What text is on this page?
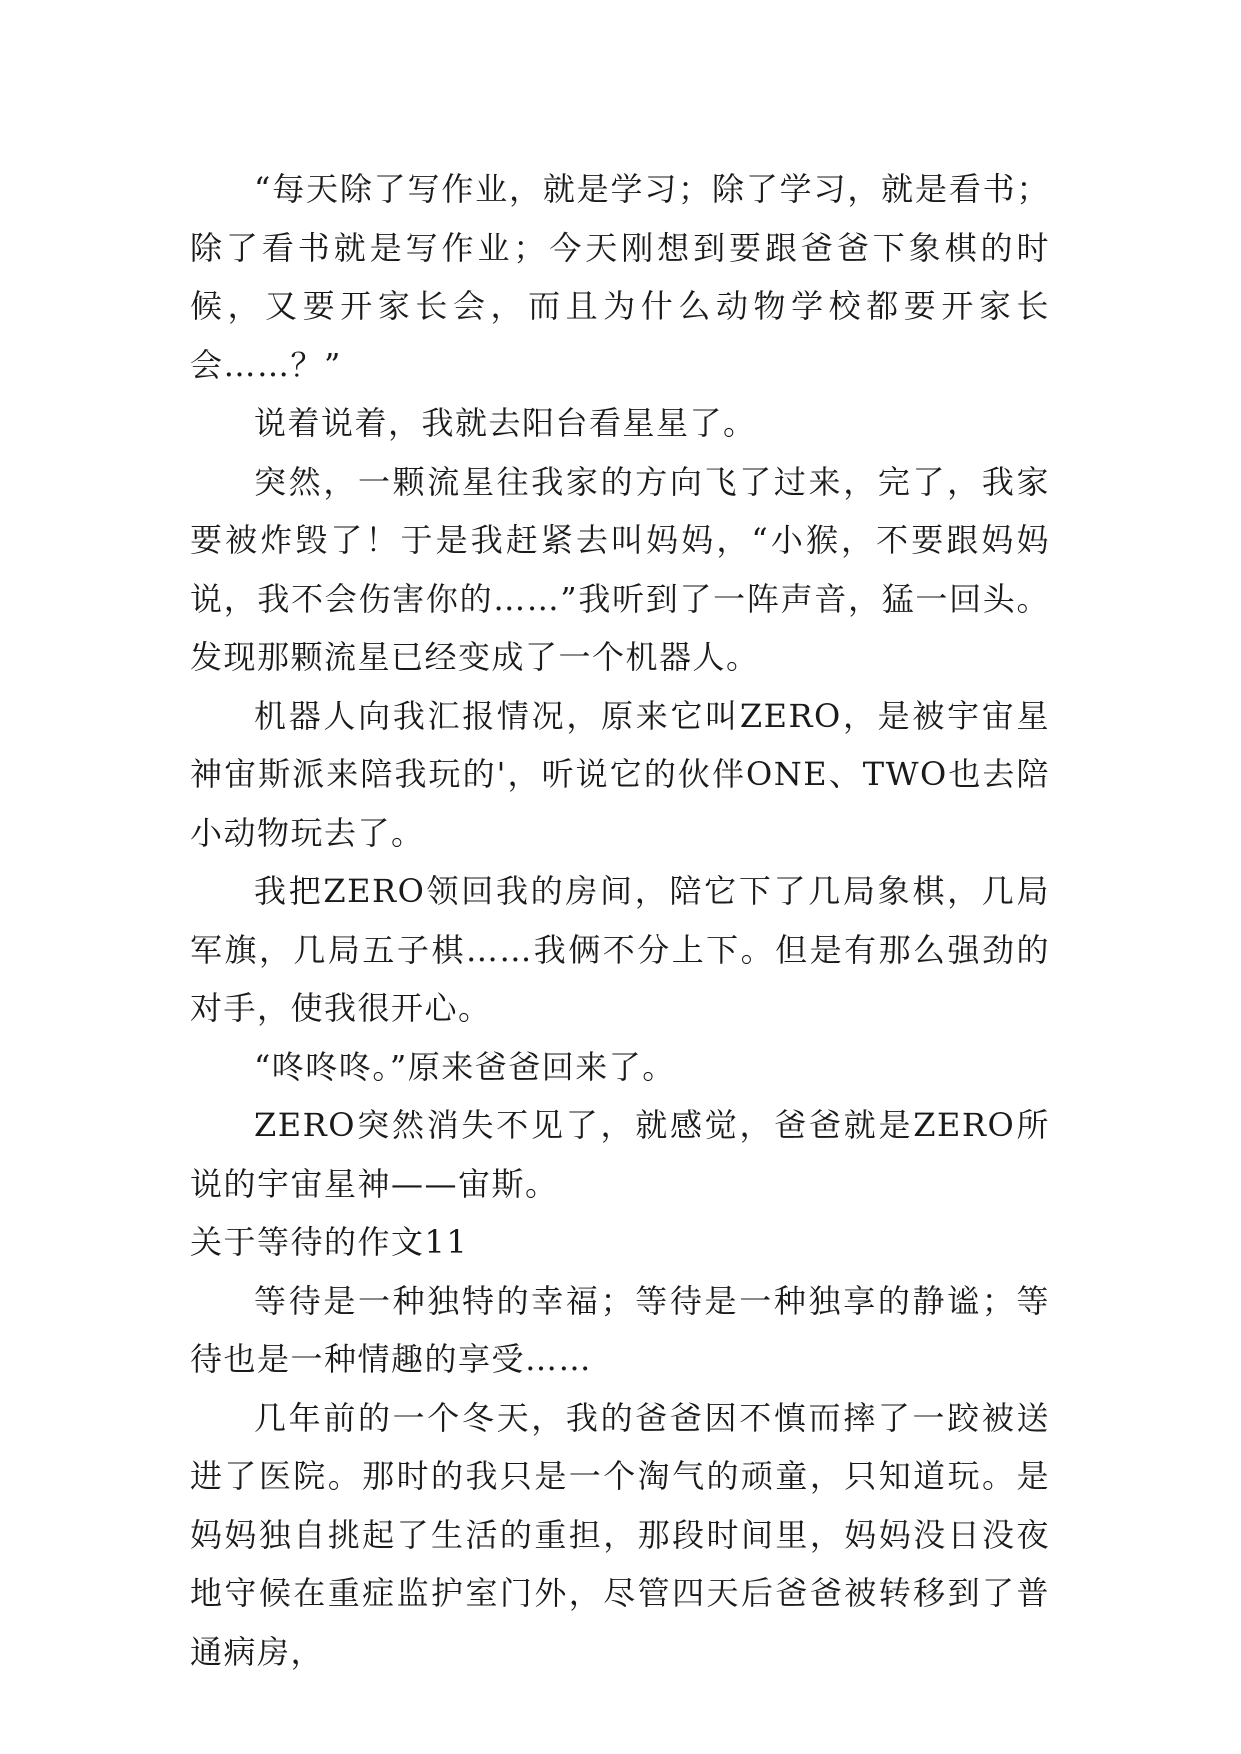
“每天除了写作业，就是学习；除了学习，就是看书；除了看书就是写作业；今天刚想到要跟爸爸下象棋的时候，又要开家长会，而且为什么动物学校都要开家长会……？”

说着说着，我就去阳台看星星了。

突然，一颗流星往我家的方向飞了过来，完了，我家要被炸毁了！于是我赶紧去叫妈妈，“小猴，不要跟妈妈说，我不会伤害你的……”我听到了一阵声音，猛一回头。发现那颗流星已经变成了一个机器人。

机器人向我汇报情况，原来它叫ZERO，是被宇宙星神宙斯派来陪我玩的'，听说它的伙伴ONE、TWO也去陪小动物玩去了。

我把ZERO领回我的房间，陪它下了几局象棋，几局军旗，几局五子棋……我俩不分上下。但是有那么强劲的对手，使我很开心。

“咚咚咚。”原来爸爸回来了。

ZERO突然消失不见了，就感觉，爸爸就是ZERO所说的宇宙星神——宙斯。

关于等待的作文11

等待是一种独特的幸福；等待是一种独享的静谧；等待也是一种情趣的享受……

几年前的一个冬天，我的爸爸因不慎而摔了一跤被送进了医院。那时的我只是一个淘气的顽童，只知道玩。是妈妈独自挑起了生活的重担，那段时间里，妈妈没日没夜地守候在重症监护室门外，尽管四天后爸爸被转移到了普通病房，
